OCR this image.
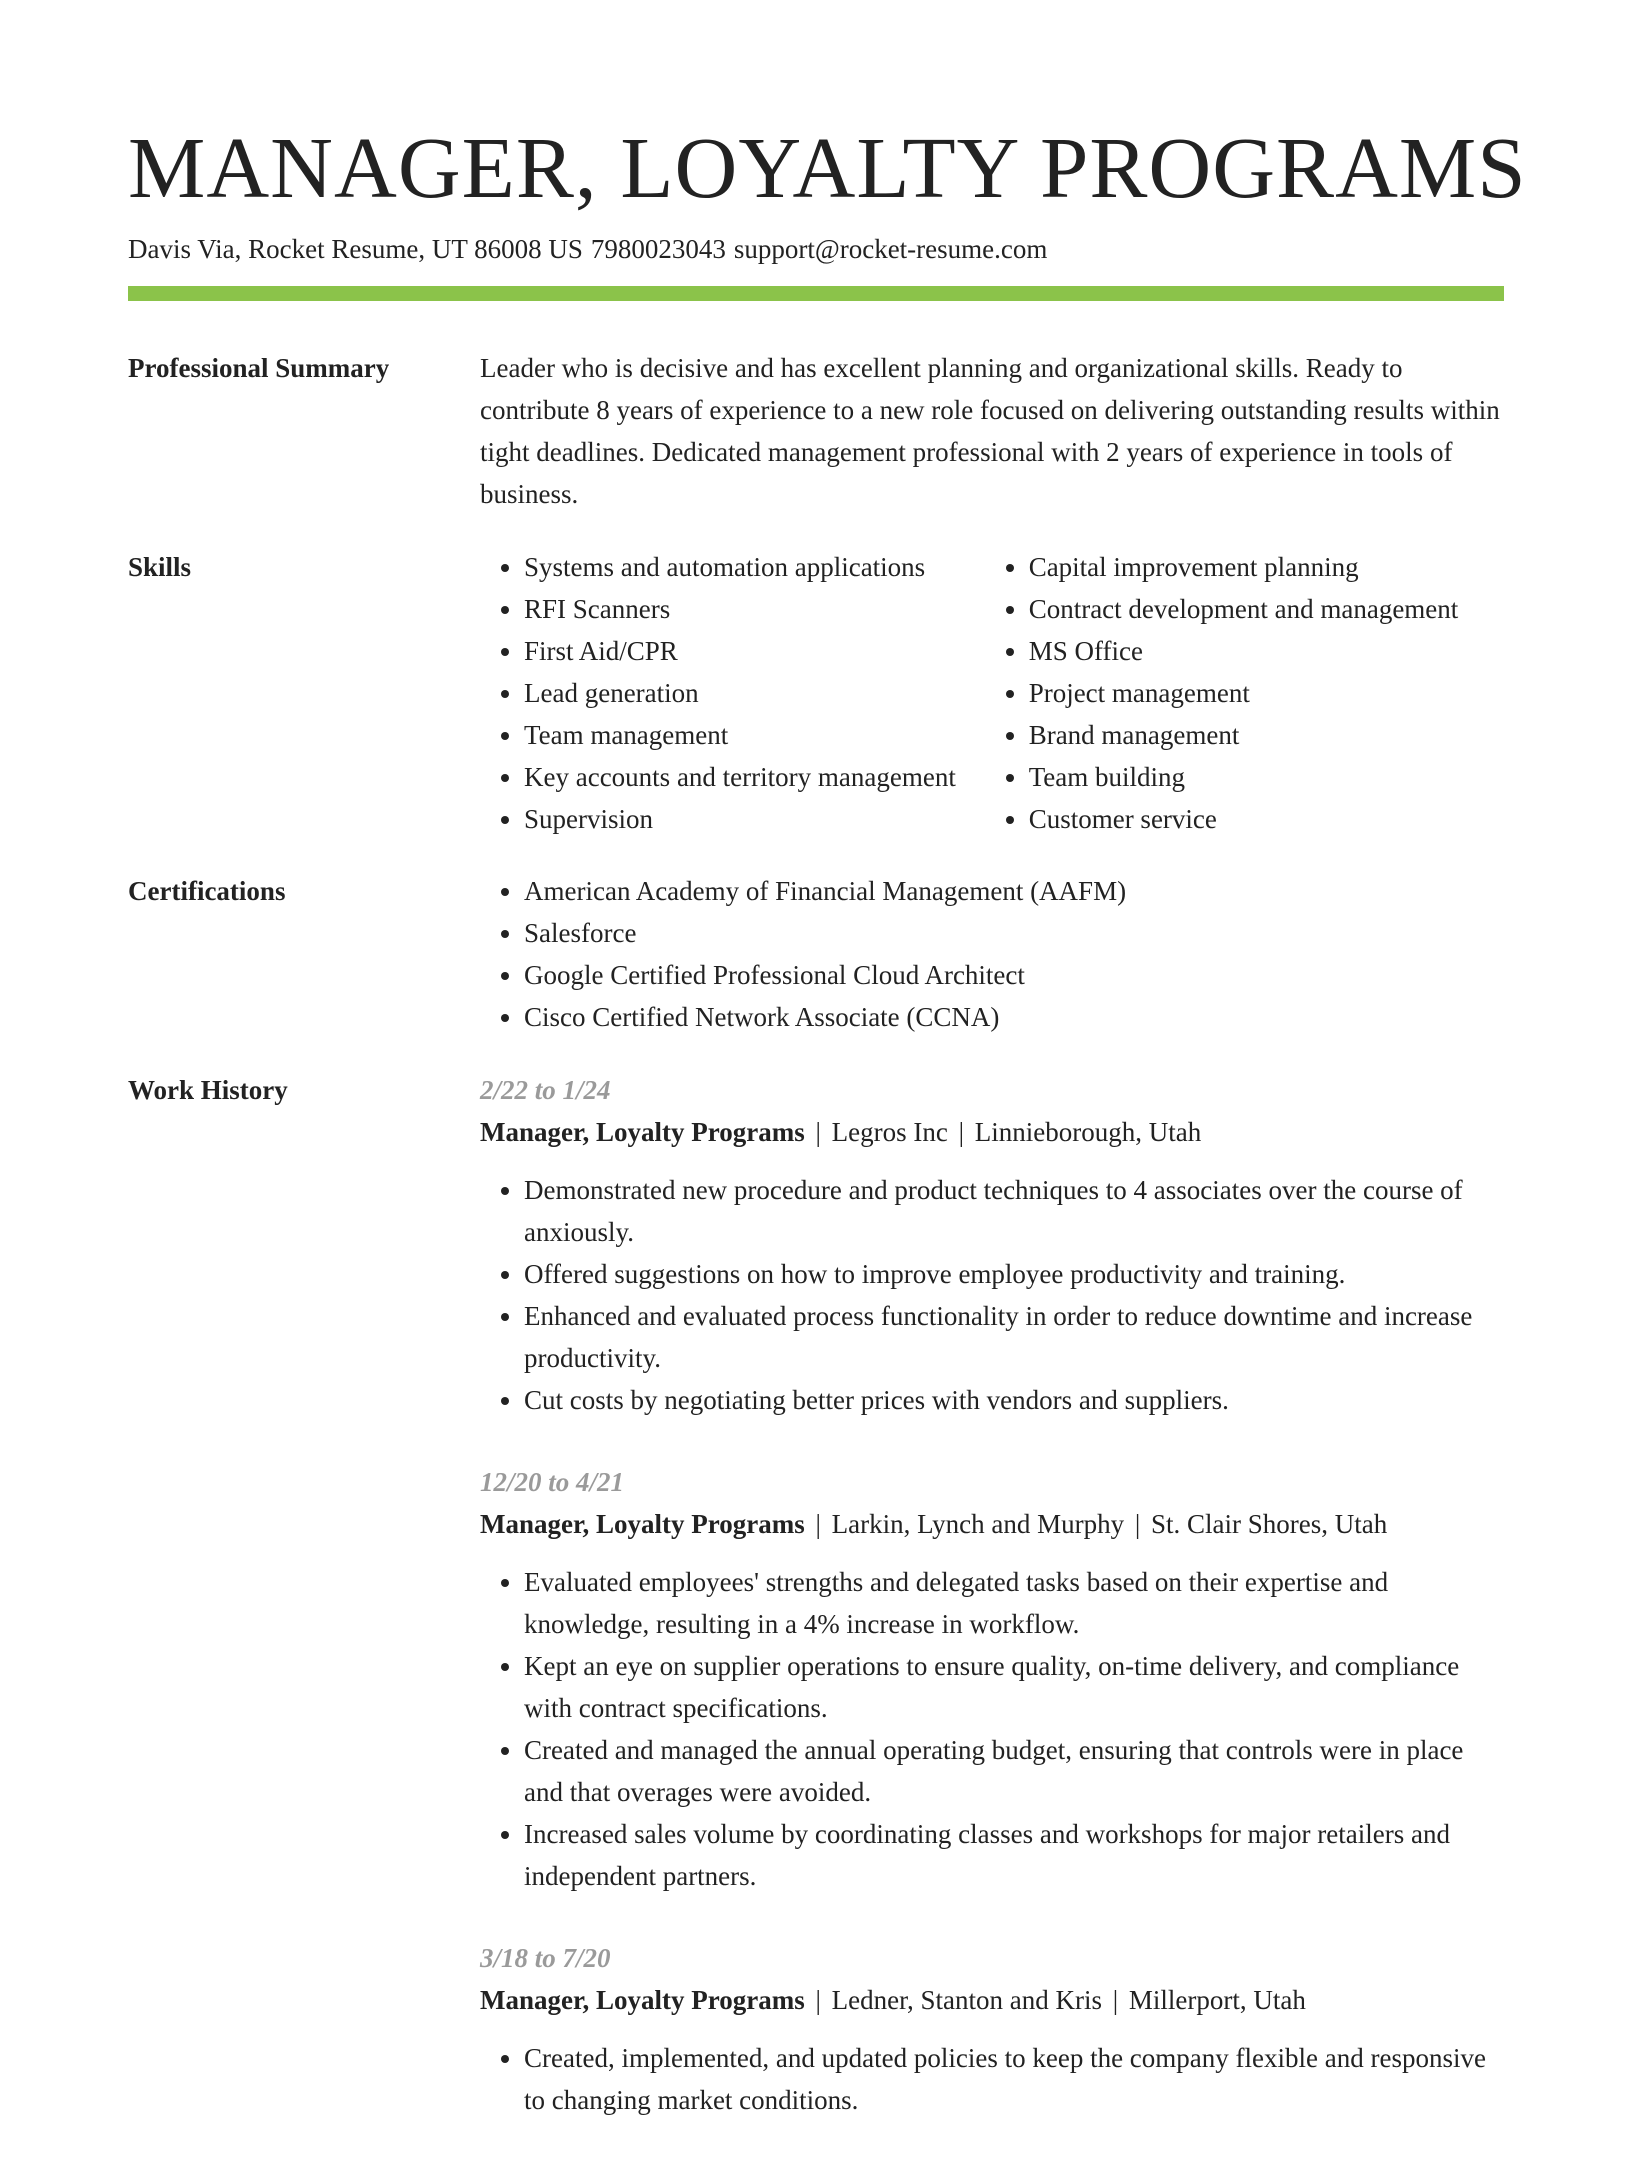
MANAGER, LOYALTY PROGRAMS
Davis Via, Rocket Resume, UT 86008 US 7980023043 support@rocket-resume.com
Professional Summary	Leader who is decisive and has excellent planning and organizational skills. Ready to contribute 8 years of experience to a new role focused on delivering outstanding results within tight deadlines. Dedicated management professional with 2 years of experience in tools of business.

Skills	• Systems and automation applications
• RFI Scanners
• First Aid/CPR
• Lead generation
• Team management
• Key accounts and territory management
• Supervision
• Capital improvement planning
• Contract development and management
• MS Office
• Project management
• Brand management
• Team building
• Customer service
Certifications	• American Academy of Financial Management (AAFM)
• Salesforce
• Google Certified Professional Cloud Architect
• Cisco Certified Network Associate (CCNA)
Work History	2/22 to 1/24
Manager, Loyalty Programs | Legros Inc | Linnieborough, Utah
• Demonstrated new procedure and product techniques to 4 associates over the course of anxiously.
• Offered suggestions on how to improve employee productivity and training.
• Enhanced and evaluated process functionality in order to reduce downtime and increase productivity.
• Cut costs by negotiating better prices with vendors and suppliers.
12/20 to 4/21
Manager, Loyalty Programs | Larkin, Lynch and Murphy | St. Clair Shores, Utah
• Evaluated employees' strengths and delegated tasks based on their expertise and knowledge, resulting in a 4% increase in workflow.
• Kept an eye on supplier operations to ensure quality, on-time delivery, and compliance with contract specifications.
• Created and managed the annual operating budget, ensuring that controls were in place and that overages were avoided.
• Increased sales volume by coordinating classes and workshops for major retailers and independent partners.
3/18 to 7/20
Manager, Loyalty Programs | Ledner, Stanton and Kris | Millerport, Utah
• Created, implemented, and updated policies to keep the company flexible and responsive to changing market conditions.
